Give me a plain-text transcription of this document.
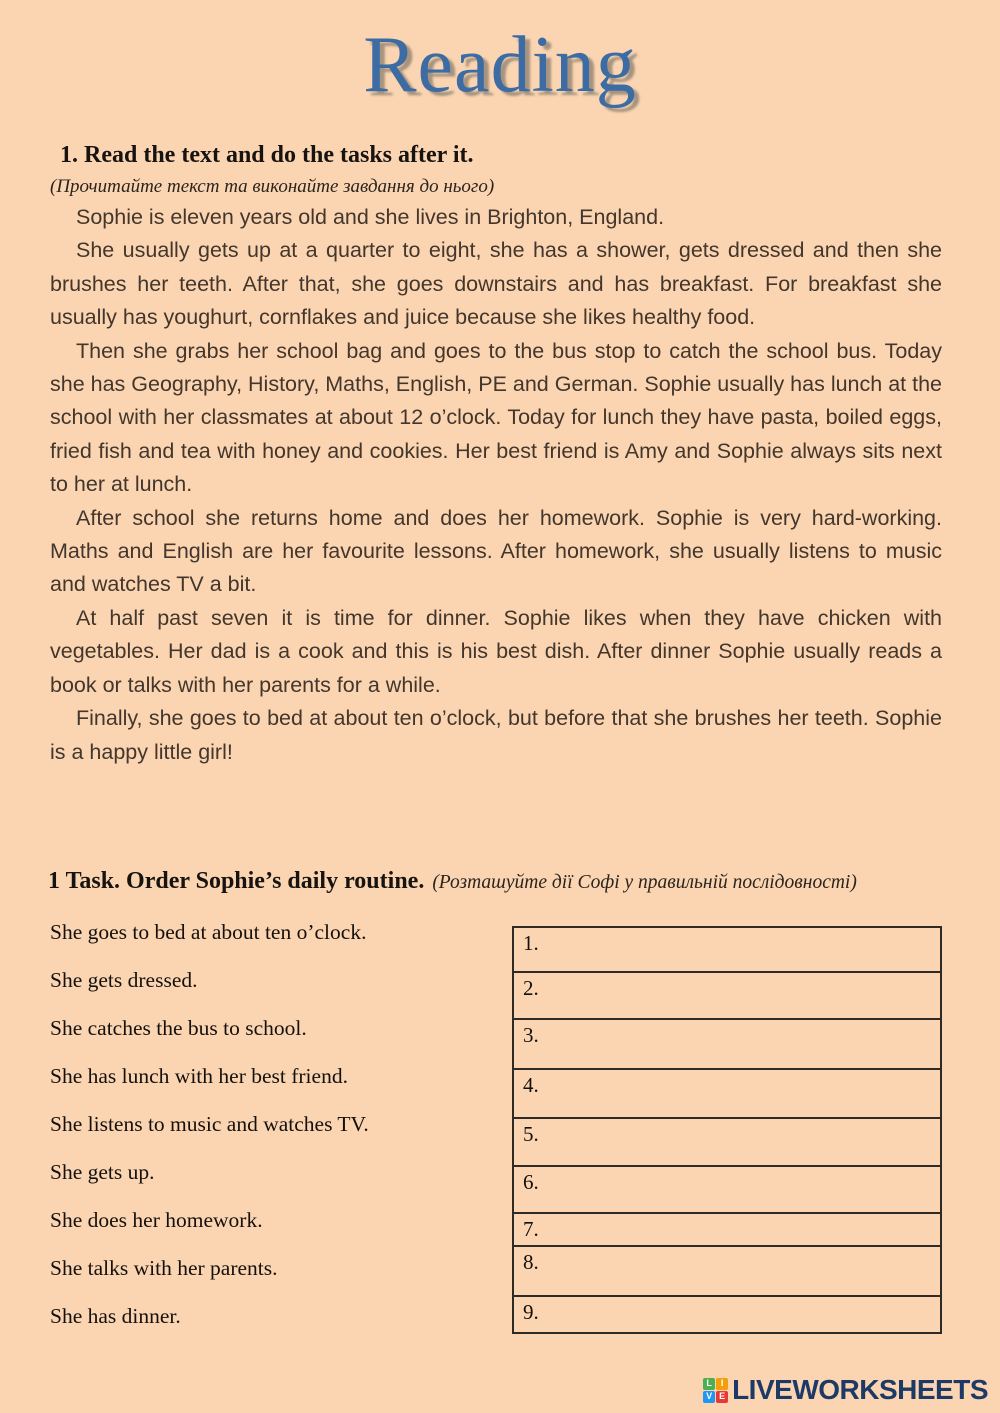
Reading
1. Read the text and do the tasks after it.
(Прочитайте текст та виконайте завдання до нього)

Sophie is eleven years old and she lives in Brighton, England.

She usually gets up at a quarter to eight, she has a shower, gets dressed and then she brushes her teeth. After that, she goes downstairs and has breakfast. For breakfast she usually has youghurt, cornflakes and juice because she likes healthy food.

Then she grabs her school bag and goes to the bus stop to catch the school bus. Today she has Geography, History, Maths, English, PE and German. Sophie usually has lunch at the school with her classmates at about 12 o’clock. Today for lunch they have pasta, boiled eggs, fried fish and tea with honey and cookies. Her best friend is Amy and Sophie always sits next to her at lunch.

After school she returns home and does her homework. Sophie is very hard-working. Maths and English are her favourite lessons. After homework, she usually listens to music and watches TV a bit.

At half past seven it is time for dinner. Sophie likes when they have chicken with vegetables. Her dad is a cook and this is his best dish. After dinner Sophie usually reads a book or talks with her parents for a while.

Finally, she goes to bed at about ten o’clock, but before that she brushes her teeth. Sophie is a happy little girl!

1 Task. Order Sophie’s daily routine. (Розташуйте дії Софі у правильній послідовності)
She goes to bed at about ten o’clock.
She gets dressed.
She catches the bus to school.
She has lunch with her best friend.
She listens to music and watches TV.
She gets up.
She does her homework.
She talks with her parents.
She has dinner.
1.
2.
3.
4.
5.
6.
7.
8.
9.
L I
V E LIVEWORKSHEETS
